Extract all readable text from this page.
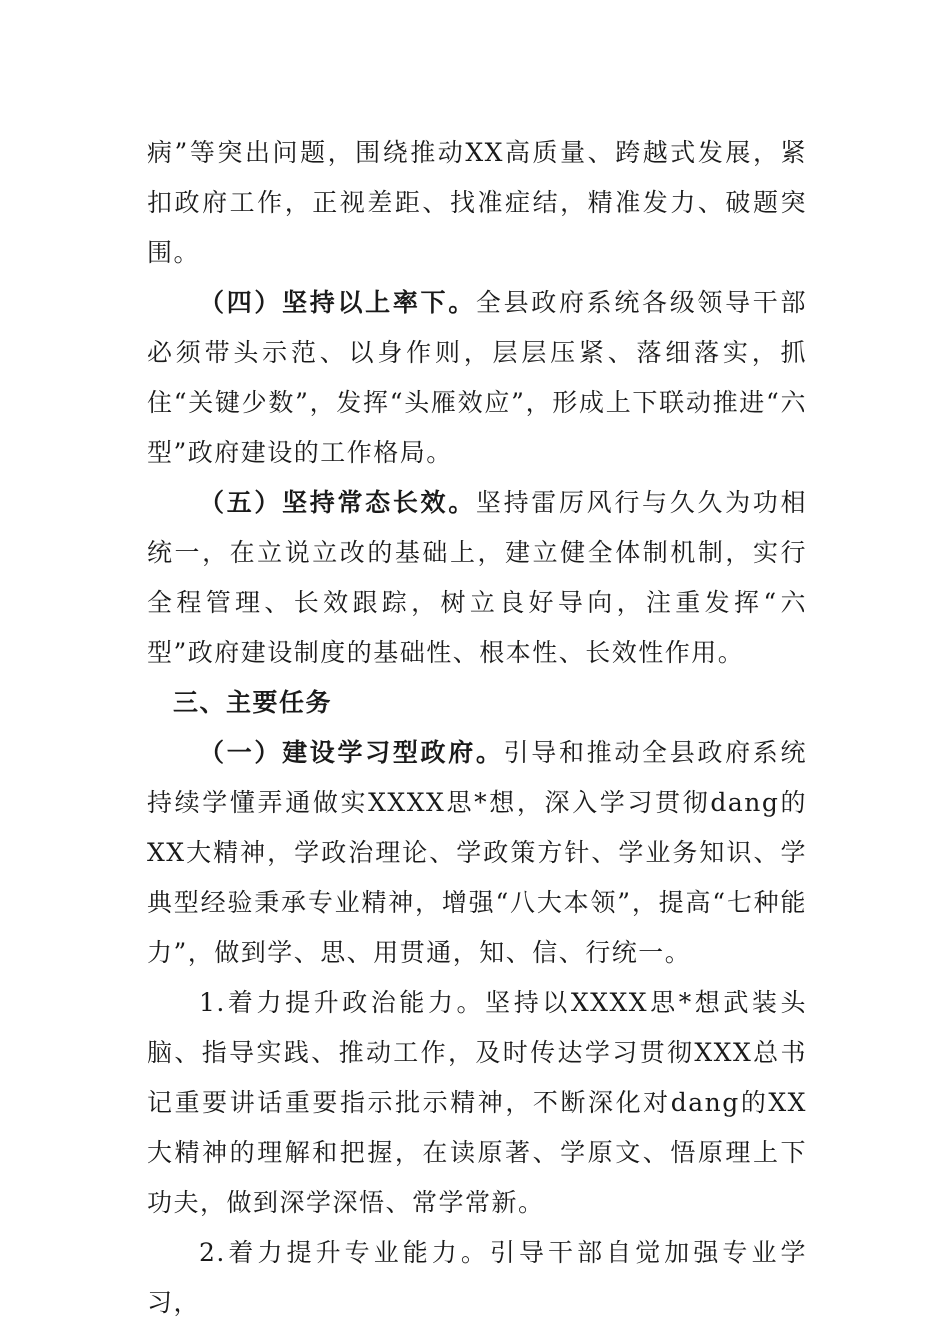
病”等突出问题，围绕推动XX高质量、跨越式发展，紧扣政府工作，正视差距、找准症结，精准发力、破题突围。

（四）坚持以上率下。全县政府系统各级领导干部必须带头示范、以身作则，层层压紧、落细落实，抓住“关键少数”，发挥“头雁效应”，形成上下联动推进“六型”政府建设的工作格局。

（五）坚持常态长效。坚持雷厉风行与久久为功相统一，在立说立改的基础上，建立健全体制机制，实行全程管理、长效跟踪，树立良好导向，注重发挥“六型”政府建设制度的基础性、根本性、长效性作用。

三、主要任务

（一）建设学习型政府。引导和推动全县政府系统持续学懂弄通做实XXXX思*想，深入学习贯彻dang的XX大精神，学政治理论、学政策方针、学业务知识、学典型经验秉承专业精神，增强“八大本领”，提高“七种能力”，做到学、思、用贯通，知、信、行统一。

1.着力提升政治能力。坚持以XXXX思*想武装头脑、指导实践、推动工作，及时传达学习贯彻XXX总书记重要讲话重要指示批示精神，不断深化对dang的XX大精神的理解和把握，在读原著、学原文、悟原理上下功夫，做到深学深悟、常学常新。

2.着力提升专业能力。引导干部自觉加强专业学习，
